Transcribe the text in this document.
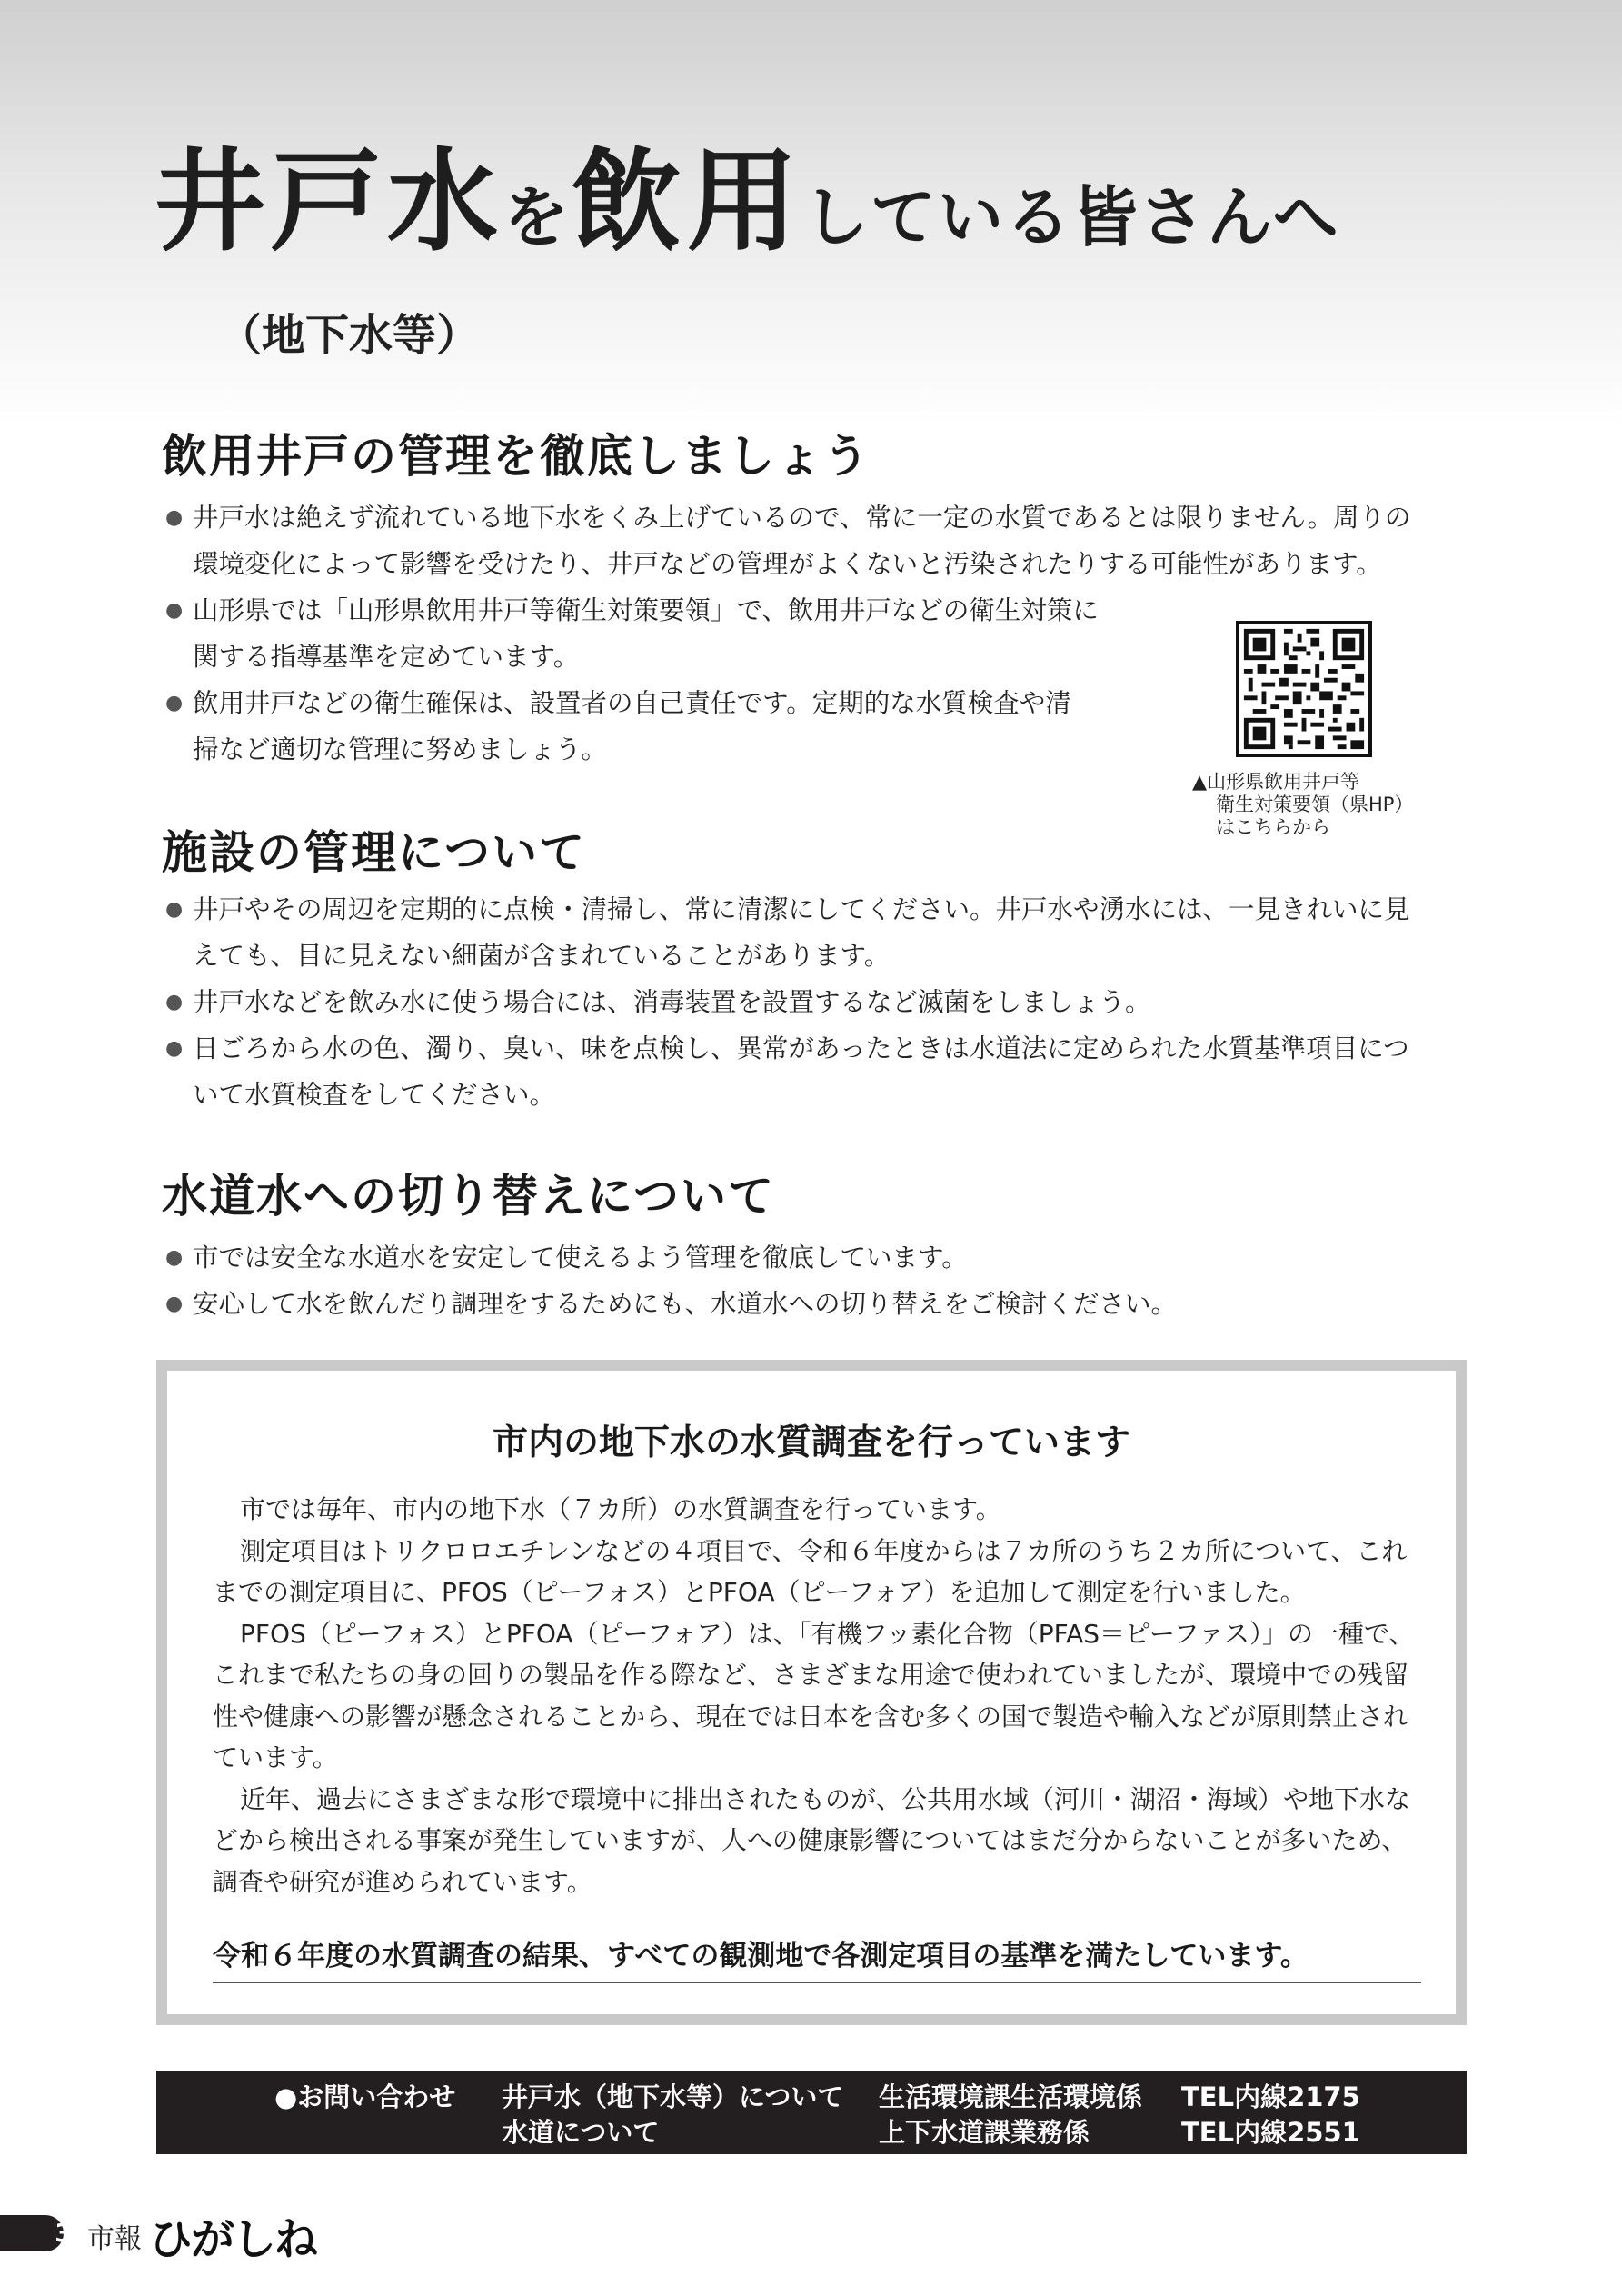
井戸水を飲用している皆さんへ
（地下水等）
飲用井戸の管理を徹底しましょう
● 井戸水は絶えず流れている地下水をくみ上げているので、常に一定の水質であるとは限りません。周りの
環境変化によって影響を受けたり、井戸などの管理がよくないと汚染されたりする可能性があります。
● 山形県では「山形県飲用井戸等衛生対策要領」で、飲用井戸などの衛生対策に
関する指導基準を定めています。
● 飲用井戸などの衛生確保は、設置者の自己責任です。定期的な水質検査や清
掃など適切な管理に努めましょう。
▲山形県飲用井戸等
衛生対策要領（県HP）
はこちらから
施設の管理について
● 井戸やその周辺を定期的に点検・清掃し、常に清潔にしてください。井戸水や湧水には、一見きれいに見
えても、目に見えない細菌が含まれていることがあります。
● 井戸水などを飲み水に使う場合には、消毒装置を設置するなど滅菌をしましょう。
● 日ごろから水の色、濁り、臭い、味を点検し、異常があったときは水道法に定められた水質基準項目につ
いて水質検査をしてください。
水道水への切り替えについて
● 市では安全な水道水を安定して使えるよう管理を徹底しています。
● 安心して水を飲んだり調理をするためにも、水道水への切り替えをご検討ください。
市内の地下水の水質調査を行っています

市では毎年、市内の地下水（７カ所）の水質調査を行っています。

測定項目はトリクロロエチレンなどの４項目で、令和６年度からは７カ所のうち２カ所について、これまでの測定項目に、PFOS（ピーフォス）とPFOA（ピーフォア）を追加して測定を行いました。

PFOS（ピーフォス）とPFOA（ピーフォア）は、「有機フッ素化合物（PFAS＝ピーファス）」の一種で、これまで私たちの身の回りの製品を作る際など、さまざまな用途で使われていましたが、環境中での残留性や健康への影響が懸念されることから、現在では日本を含む多くの国で製造や輸入などが原則禁止されています。

近年、過去にさまざまな形で環境中に排出されたものが、公共用水域（河川・湖沼・海域）や地下水などから検出される事案が発生していますが、人への健康影響についてはまだ分からないことが多いため、調査や研究が進められています。

令和６年度の水質調査の結果、すべての観測地で各測定項目の基準を満たしています。
●お問い合わせ 井戸水（地下水等）について 生活環境課生活環境係 TEL内線2175
水道について	上下水道課業務係	TEL内線2551
3 市報 ひがしね
